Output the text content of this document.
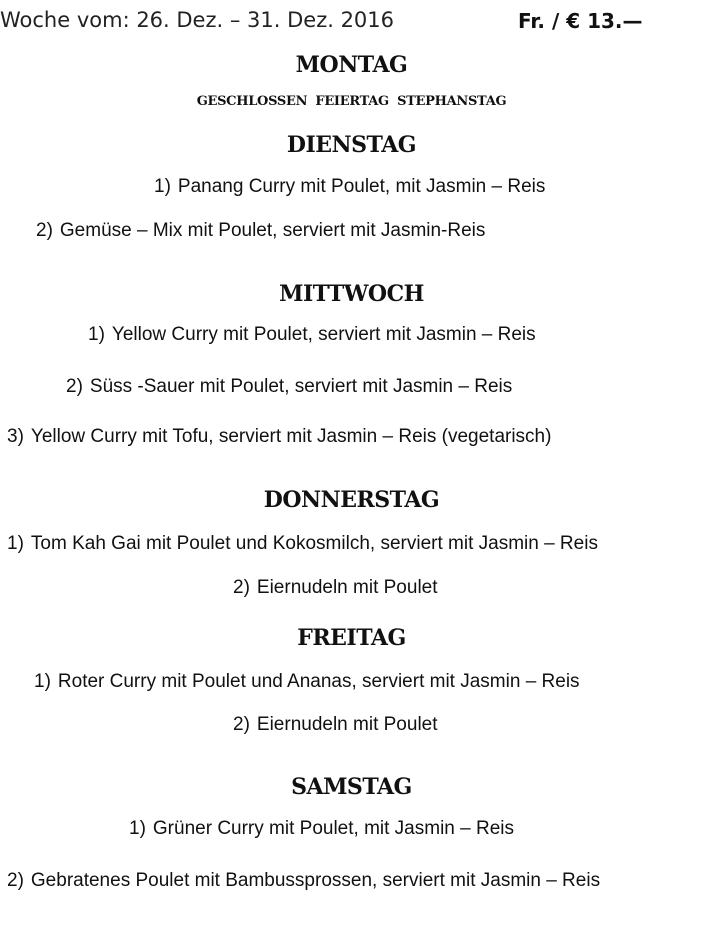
Woche vom: 26. Dez. – 31. Dez. 2016	Fr. / € 13.—
MONTAG
GESCHLOSSEN FEIERTAG STEPHANSTAG
DIENSTAG
1) Panang Curry mit Poulet, mit Jasmin – Reis
2) Gemüse – Mix mit Poulet, serviert mit Jasmin-Reis
MITTWOCH
1) Yellow Curry mit Poulet, serviert mit Jasmin – Reis
2) Süss -Sauer mit Poulet, serviert mit Jasmin – Reis
3) Yellow Curry mit Tofu, serviert mit Jasmin – Reis (vegetarisch)
DONNERSTAG
1) Tom Kah Gai mit Poulet und Kokosmilch, serviert mit Jasmin – Reis
2) Eiernudeln mit Poulet
FREITAG
1) Roter Curry mit Poulet und Ananas, serviert mit Jasmin – Reis
2) Eiernudeln mit Poulet
SAMSTAG
1) Grüner Curry mit Poulet, mit Jasmin – Reis
2) Gebratenes Poulet mit Bambussprossen, serviert mit Jasmin – Reis
